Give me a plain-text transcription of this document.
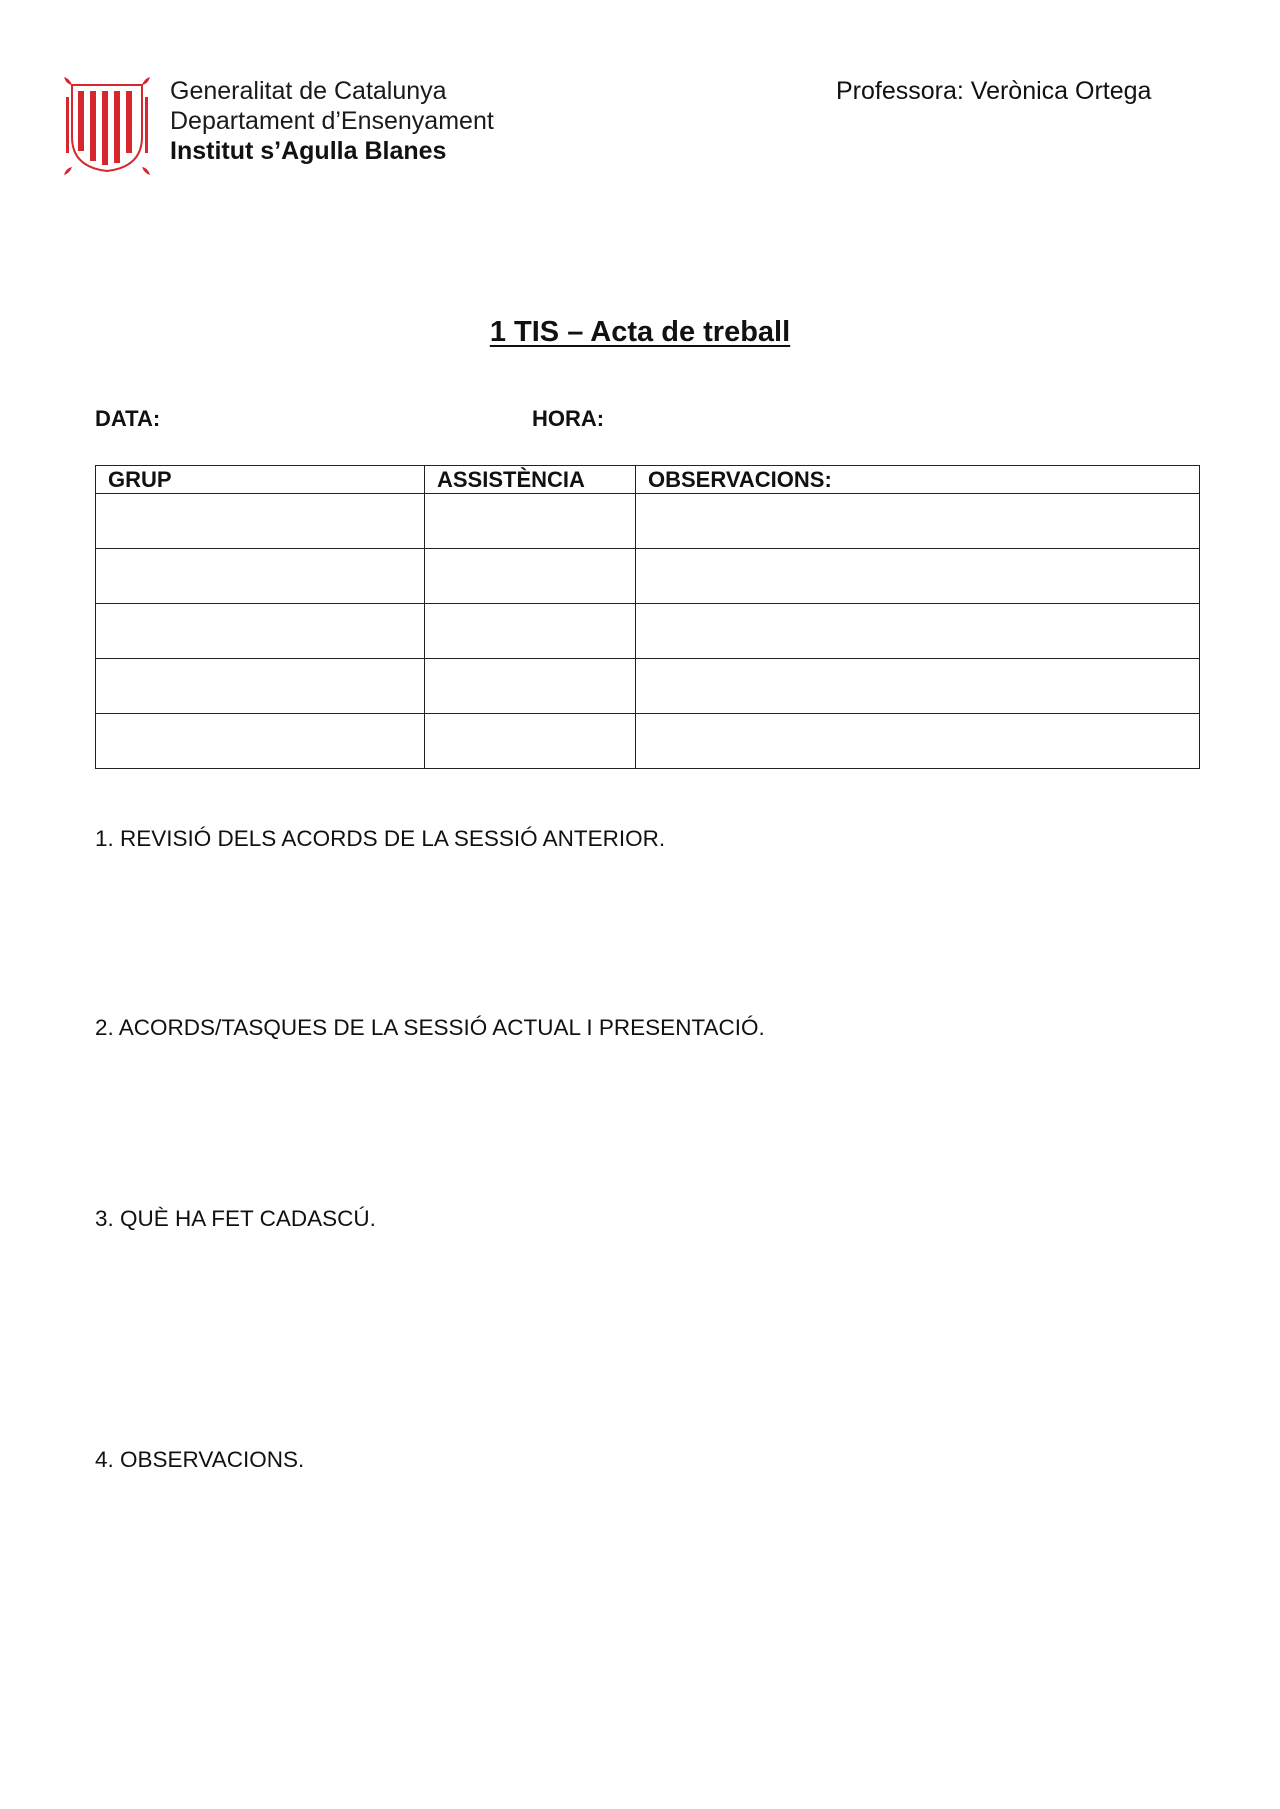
Generalitat de Catalunya
Departament d’Ensenyament
Institut s’Agulla Blanes
Professora: Verònica Ortega
1 TIS – Acta de treball
DATA:	HORA:
GRUP	ASSISTÈNCIA	OBSERVACIONS:

1. REVISIÓ DELS ACORDS DE LA SESSIÓ ANTERIOR.
2. ACORDS/TASQUES DE LA SESSIÓ ACTUAL I PRESENTACIÓ.
3. QUÈ HA FET CADASCÚ.
4. OBSERVACIONS.
